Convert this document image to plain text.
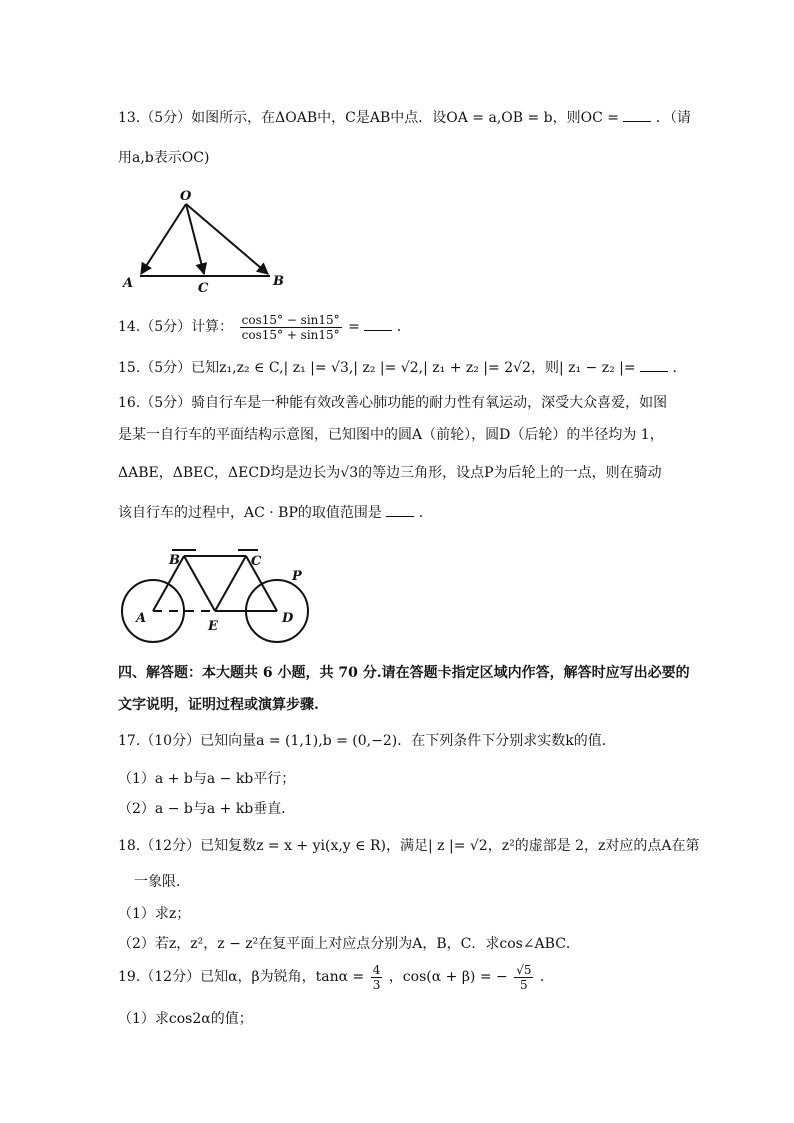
13.（5分）如图所示，在ΔOAB中，C是AB中点．设OA = a,OB = b，则OC =	．（请
用a,b表示OC)
O
A	B
C
14.（5分）计算： $\frac{\cos 15^\circ - \sin 15^\circ}{\cos 15^\circ + \sin 15^\circ}$ =	．
15.（5分）已知z₁,z₂ ∈ C,| z₁ |= √3,| z₂ |= √2,| z₁ + z₂ |= 2√2，则| z₁ − z₂ |=	．
16.（5分）骑自行车是一种能有效改善心肺功能的耐力性有氧运动，深受大众喜爱，如图
是某一自行车的平面结构示意图，已知图中的圆A（前轮），圆D（后轮）的半径均为 1，
ΔABE，ΔBEC，ΔECD均是边长为√3的等边三角形，设点P为后轮上的一点，则在骑动
该自行车的过程中，AC · BP的取值范围是	．
A
B	C
D
E
P
四、解答题：本大题共 6 小题，共 70 分.请在答题卡指定区域内作答，解答时应写出必要的
文字说明，证明过程或演算步骤.
17.（10分）已知向量a = (1,1),b = (0,−2)．在下列条件下分别求实数k的值．
（1）a + b与a − kb平行；
（2）a − b与a + kb垂直．
18.（12分）已知复数z = x + yi(x,y ∈ R)，满足| z |= √2，z²的虚部是 2，z对应的点A在第
一象限．
（1）求z；
（2）若z，z²，z − z²在复平面上对应点分别为A，B，C．求cos∠ABC．
19.（12分）已知α，β为锐角，$\tan\alpha = \frac{4}{3}$ ，cos(α + β) = − $\frac{√5}{5}$ ．
（1）求cos2α的值；
